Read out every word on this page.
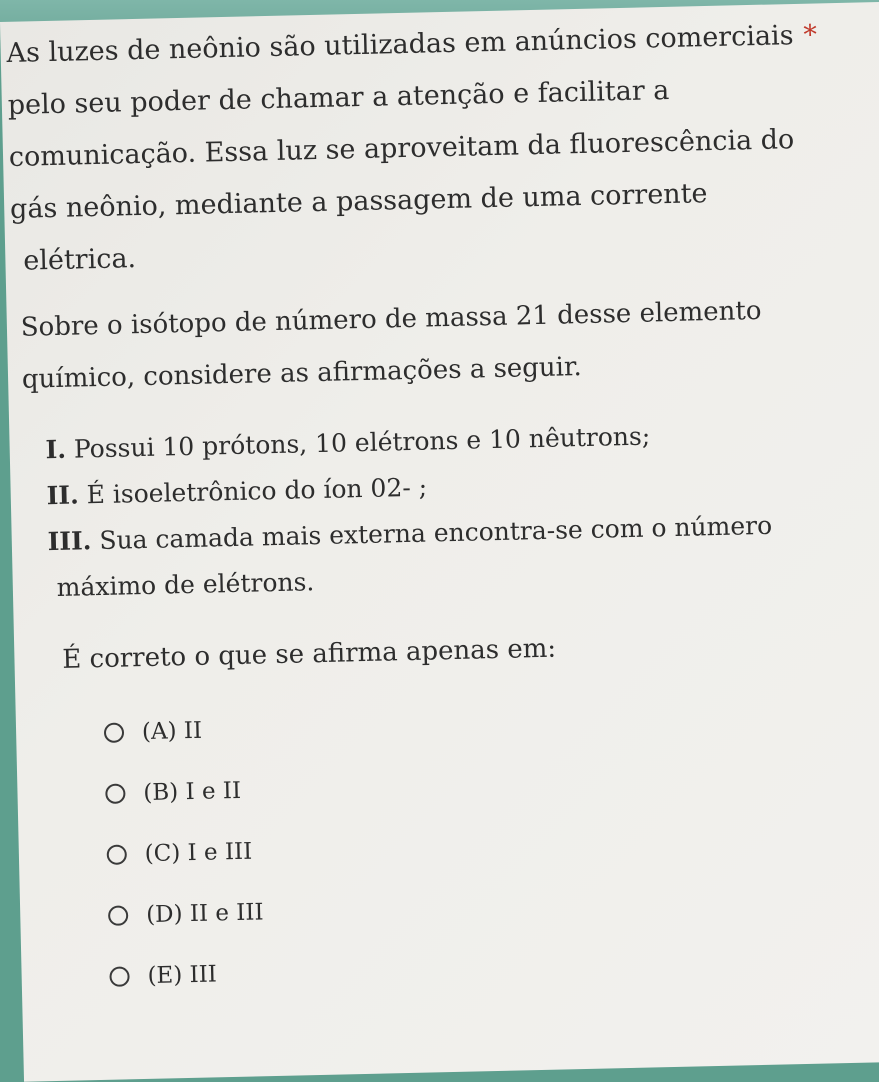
As luzes de neônio são utilizadas em anúncios comerciais *
pelo seu poder de chamar a atenção e facilitar a
comunicação. Essa luz se aproveitam da fluorescência do
gás neônio, mediante a passagem de uma corrente
elétrica.
Sobre o isótopo de número de massa 21 desse elemento
químico, considere as afirmações a seguir.
I. Possui 10 prótons, 10 elétrons e 10 nêutrons;
II. É isoeletrônico do íon 02- ;
III. Sua camada mais externa encontra-se com o número
máximo de elétrons.
É correto o que se afirma apenas em:
(A) II
(B) I e II
(C) I e III
(D) II e III
(E) III
